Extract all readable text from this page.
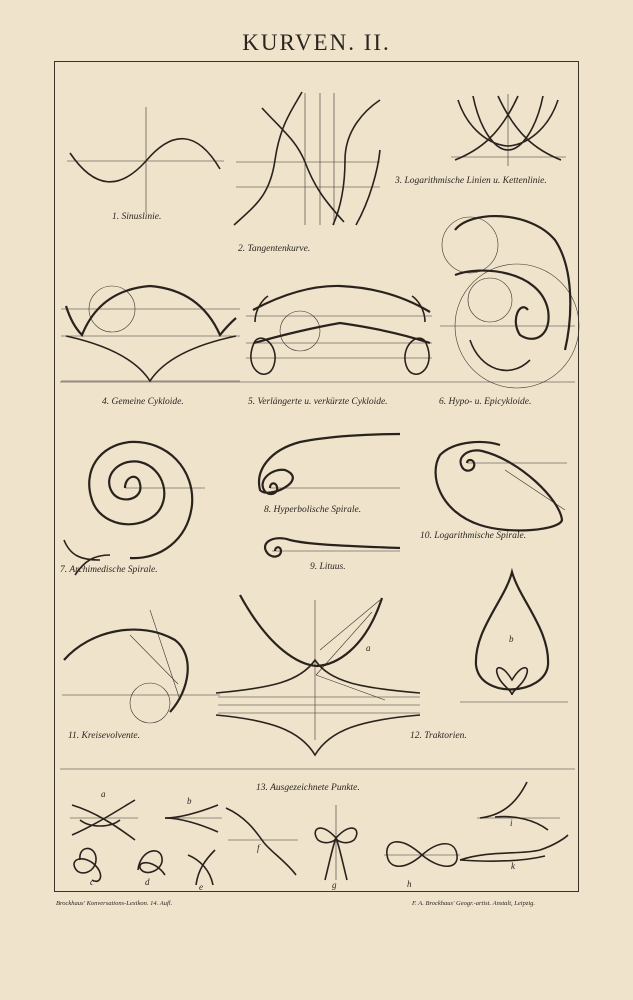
KURVEN. II.
1. Sinuslinie.
2. Tangentenkurve.
3. Logarithmische Linien u. Kettenlinie.
4. Gemeine Cykloide.	5. Verlängerte u. verkürzte Cykloide.	6. Hypo- u. Epicykloide.
7. Archimedische Spirale.
8. Hyperbolische Spirale.
9. Lituus.
10. Logarithmische Spirale.
11. Kreisevolvente.	12. Traktorien.
13. Ausgezeichnete Punkte.
a
b
a
b
c	d	e
f
g	h
i
k
Brockhaus' Konversations-Lexikon. 14. Aufl.	F. A. Brockhaus' Geogr.-artist. Anstalt, Leipzig.
